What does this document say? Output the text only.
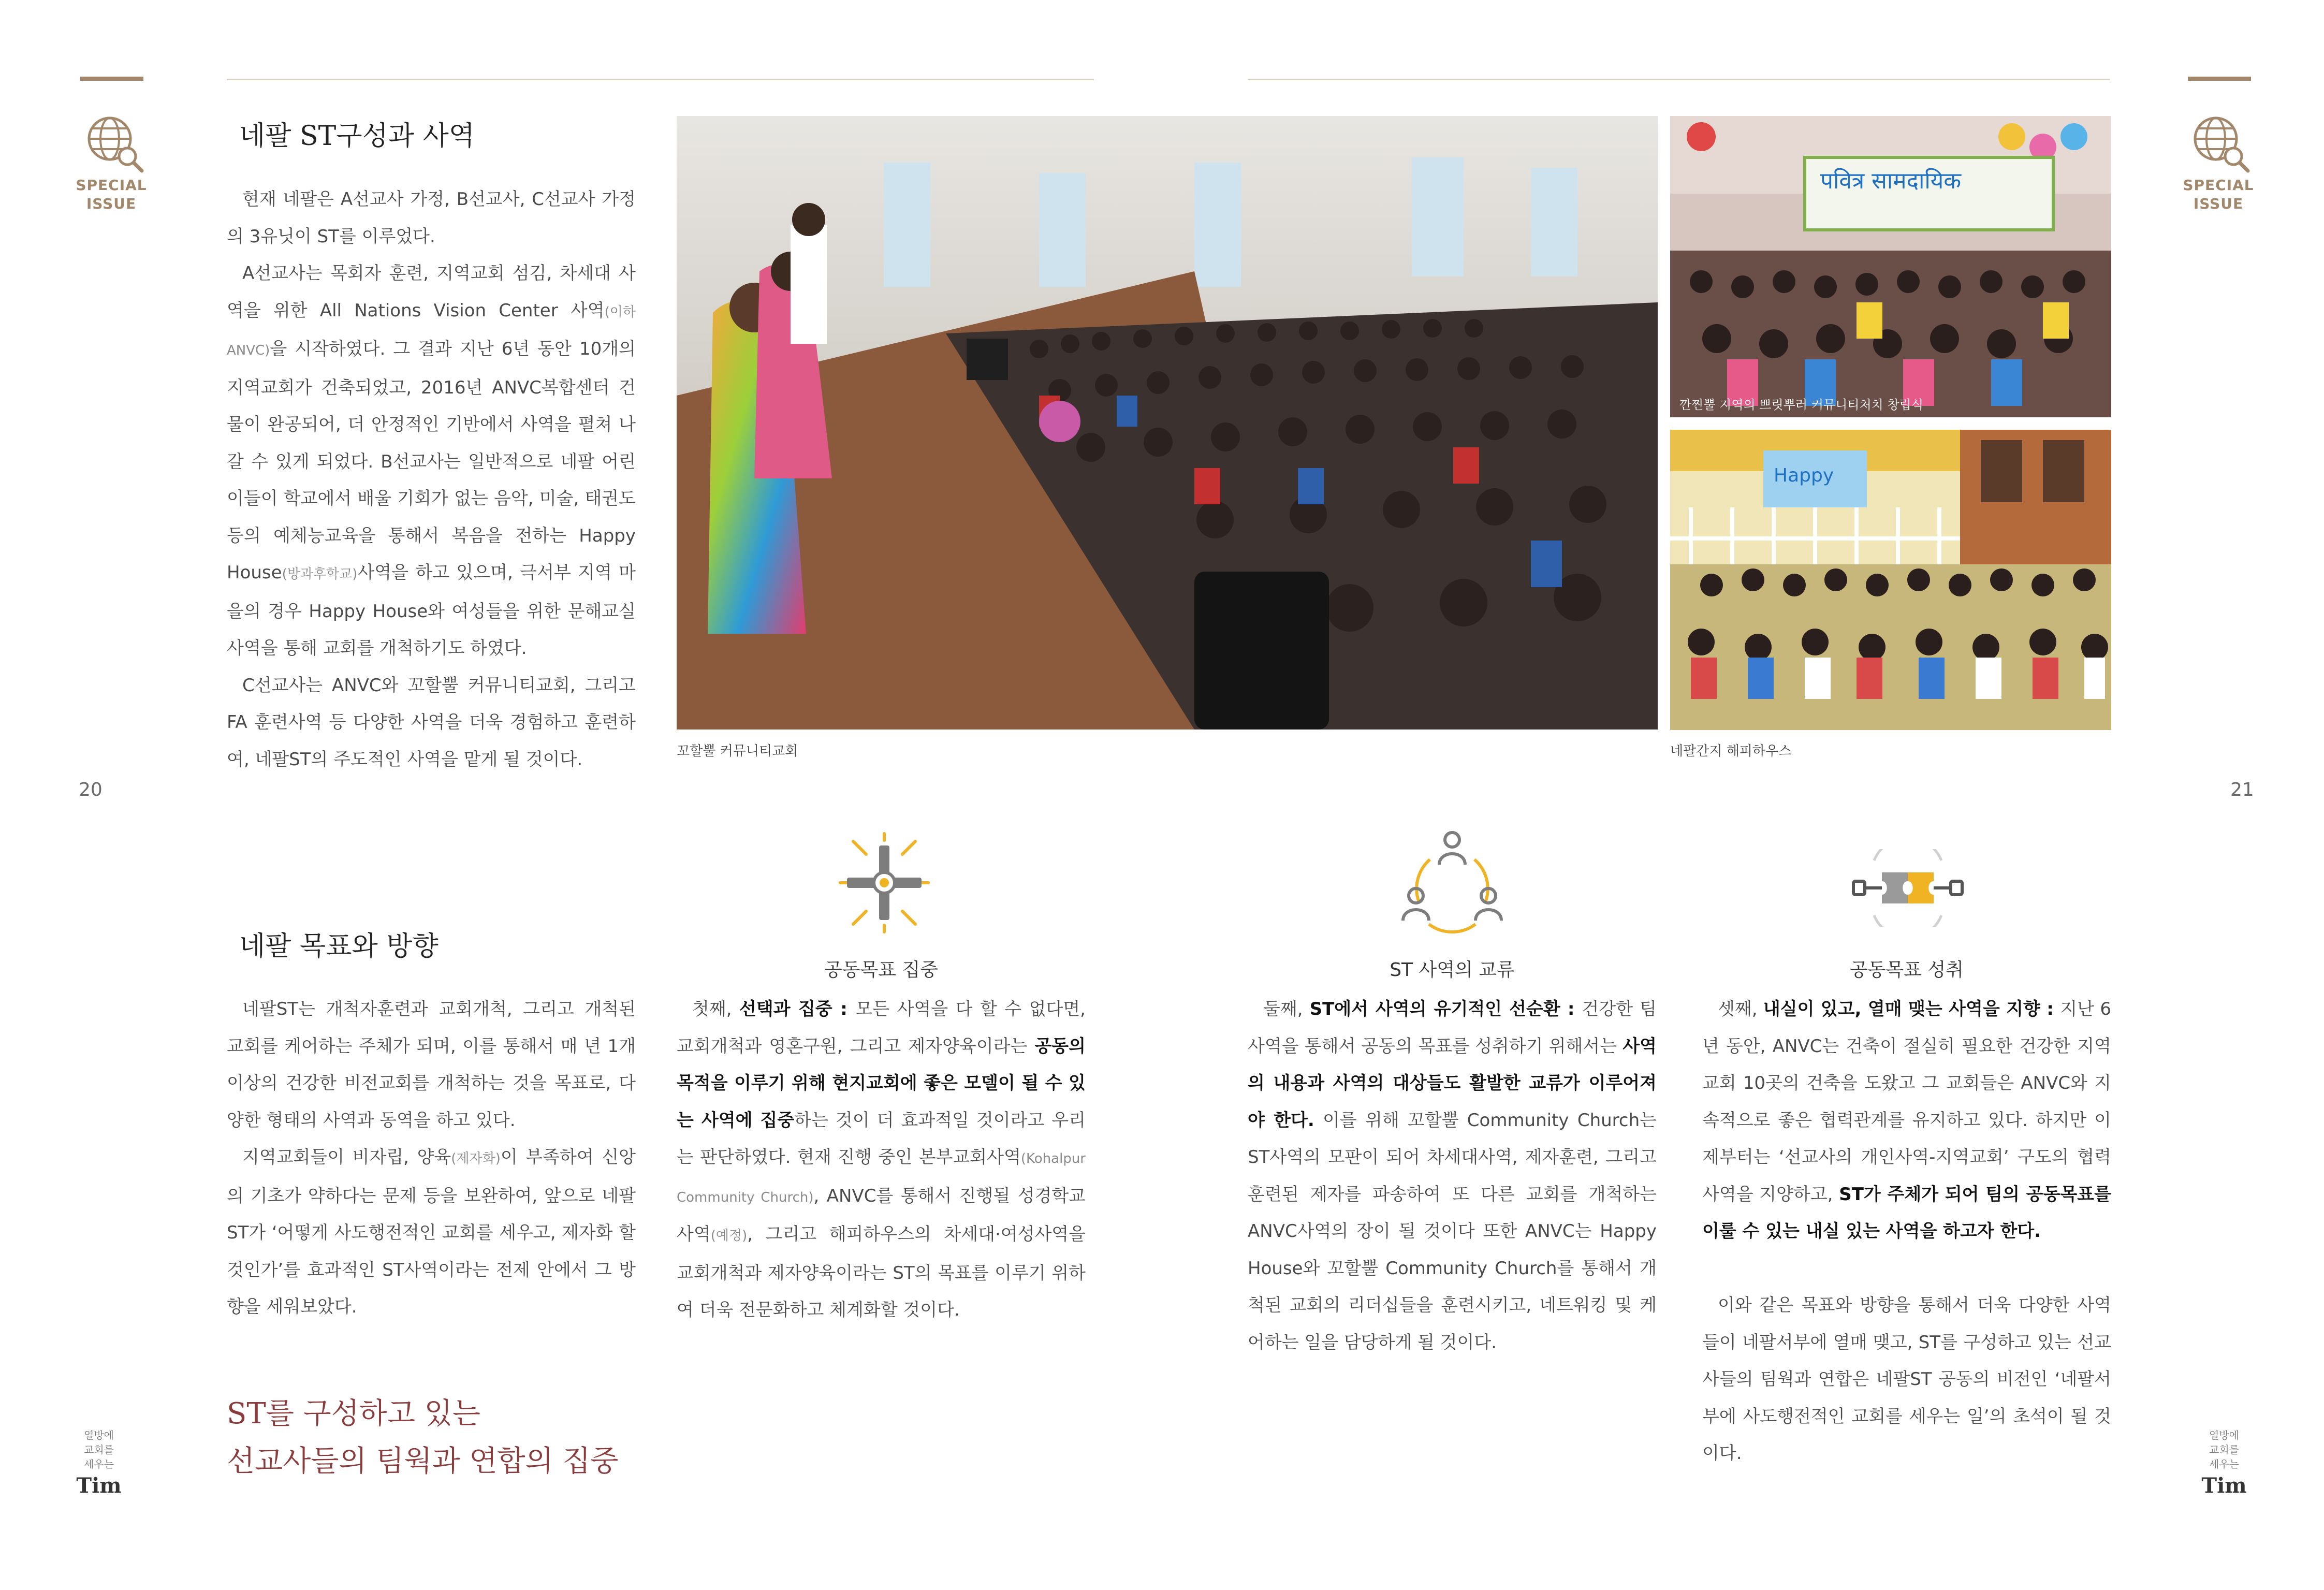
SPECIAL
ISSUE
SPECIAL
ISSUE
20	21
열방에
교회를
세우는
Tim
열방에
교회를
세우는
Tim
네팔 ST구성과 사역

현재 네팔은 A선교사 가정, B선교사, C선교사 가정의 3유닛이 ST를 이루었다.

A선교사는 목회자 훈련, 지역교회 섬김, 차세대 사역을 위한 All Nations Vision Center 사역(이하 ANVC)을 시작하였다. 그 결과 지난 6년 동안 10개의 지역교회가 건축되었고, 2016년 ANVC복합센터 건물이 완공되어, 더 안정적인 기반에서 사역을 펼쳐 나갈 수 있게 되었다. B선교사는 일반적으로 네팔 어린이들이 학교에서 배울 기회가 없는 음악, 미술, 태권도 등의 예체능교육을 통해서 복음을 전하는 Happy House(방과후학교)사역을 하고 있으며, 극서부 지역 마을의 경우 Happy House와 여성들을 위한 문해교실 사역을 통해 교회를 개척하기도 하였다.

C선교사는 ANVC와 꼬할뿔 커뮤니티교회, 그리고 FA 훈련사역 등 다양한 사역을 더욱 경험하고 훈련하여, 네팔ST의 주도적인 사역을 맡게 될 것이다.	꼬할뿔 커뮤니티교회
पवित्र सामदायिक
깐찐뿔 지역의 쁘릿뿌러 커뮤니티처치 창립식
Happy
네팔간지 해피하우스
네팔 목표와 방향

네팔ST는 개척자훈련과 교회개척, 그리고 개척된 교회를 케어하는 주체가 되며, 이를 통해서 매 년 1개 이상의 건강한 비전교회를 개척하는 것을 목표로, 다양한 형태의 사역과 동역을 하고 있다.

지역교회들이 비자립, 양육(제자화)이 부족하여 신앙의 기초가 약하다는 문제 등을 보완하여, 앞으로 네팔ST가 ‘어떻게 사도행전적인 교회를 세우고, 제자화 할 것인가’를 효과적인 ST사역이라는 전제 안에서 그 방향을 세워보았다.

ST를 구성하고 있는
선교사들의 팀웍과 연합의 집중
공동목표 집중

첫째, 선택과 집중 : 모든 사역을 다 할 수 없다면, 교회개척과 영혼구원, 그리고 제자양육이라는 공동의 목적을 이루기 위해 현지교회에 좋은 모델이 될 수 있는 사역에 집중하는 것이 더 효과적일 것이라고 우리는 판단하였다. 현재 진행 중인 본부교회사역(Kohalpur Community Church), ANVC를 통해서 진행될 성경학교사역(예정), 그리고 해피하우스의 차세대·여성사역을 교회개척과 제자양육이라는 ST의 목표를 이루기 위하여 더욱 전문화하고 체계화할 것이다.

ST 사역의 교류

둘째, ST에서 사역의 유기적인 선순환 : 건강한 팀사역을 통해서 공동의 목표를 성취하기 위해서는 사역의 내용과 사역의 대상들도 활발한 교류가 이루어져야 한다. 이를 위해 꼬할뿔 Community Church는 ST사역의 모판이 되어 차세대사역, 제자훈련, 그리고 훈련된 제자를 파송하여 또 다른 교회를 개척하는 ANVC사역의 장이 될 것이다 또한 ANVC는 Happy House와 꼬할뿔 Community Church를 통해서 개척된 교회의 리더십들을 훈련시키고, 네트워킹 및 케어하는 일을 담당하게 될 것이다.

공동목표 성취

셋째, 내실이 있고, 열매 맺는 사역을 지향 : 지난 6년 동안, ANVC는 건축이 절실히 필요한 건강한 지역교회 10곳의 건축을 도왔고 그 교회들은 ANVC와 지속적으로 좋은 협력관계를 유지하고 있다. 하지만 이제부터는 ‘선교사의 개인사역-지역교회’ 구도의 협력사역을 지양하고, ST가 주체가 되어 팀의 공동목표를 이룰 수 있는 내실 있는 사역을 하고자 한다.

이와 같은 목표와 방향을 통해서 더욱 다양한 사역들이 네팔서부에 열매 맺고, ST를 구성하고 있는 선교사들의 팀웍과 연합은 네팔ST 공동의 비전인 ‘네팔서부에 사도행전적인 교회를 세우는 일’의 초석이 될 것이다.
